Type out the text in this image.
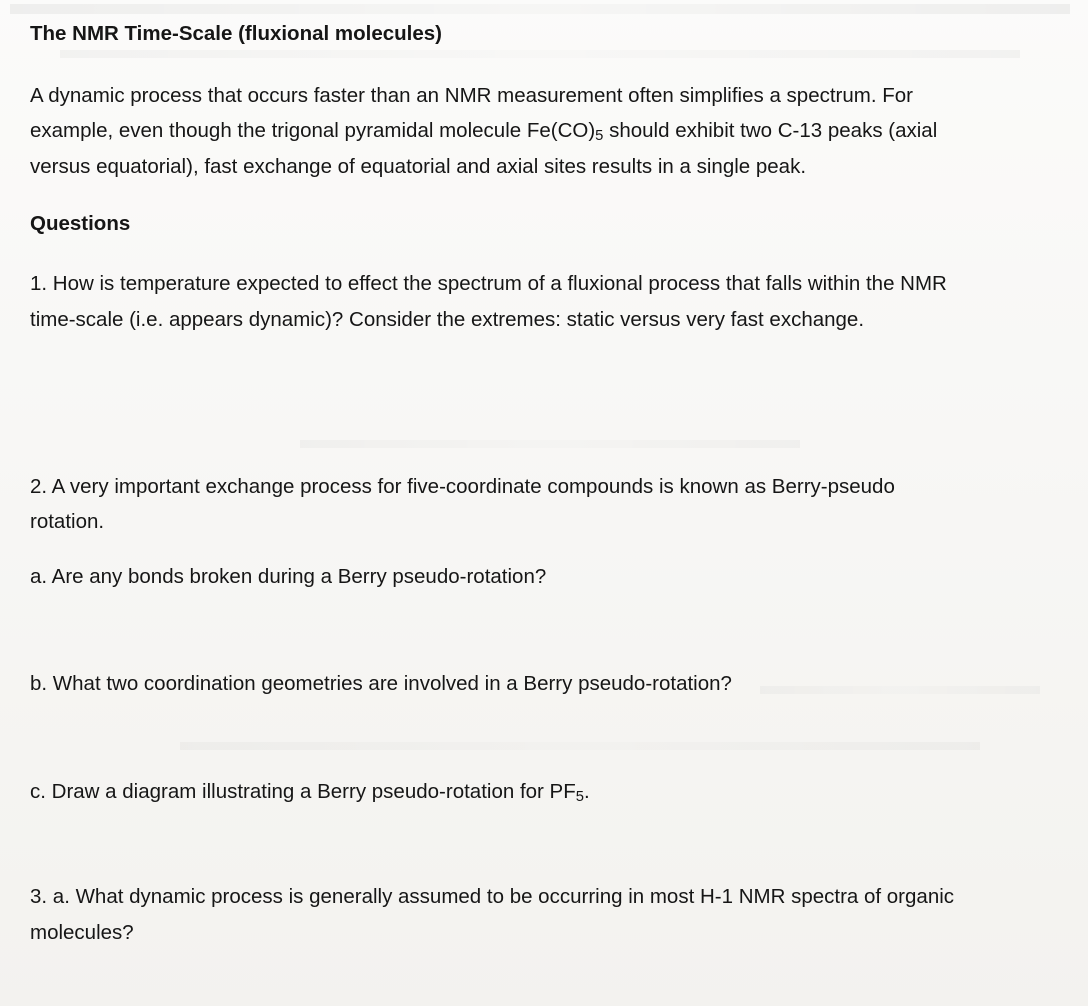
The NMR Time-Scale (fluxional molecules)

A dynamic process that occurs faster than an NMR measurement often simplifies a spectrum. For

example, even though the trigonal pyramidal molecule $Fe(CO)_5$ should exhibit two C-13 peaks (axial

versus equatorial), fast exchange of equatorial and axial sites results in a single peak.

Questions

1. How is temperature expected to effect the spectrum of a fluxional process that falls within the NMR

time-scale (i.e. appears dynamic)? Consider the extremes: static versus very fast exchange.

2. A very important exchange process for five-coordinate compounds is known as Berry-pseudo

rotation.

a. Are any bonds broken during a Berry pseudo-rotation?

b. What two coordination geometries are involved in a Berry pseudo-rotation?

c. Draw a diagram illustrating a Berry pseudo-rotation for $PF_5$.

3. a. What dynamic process is generally assumed to be occurring in most H-1 NMR spectra of organic

molecules?
